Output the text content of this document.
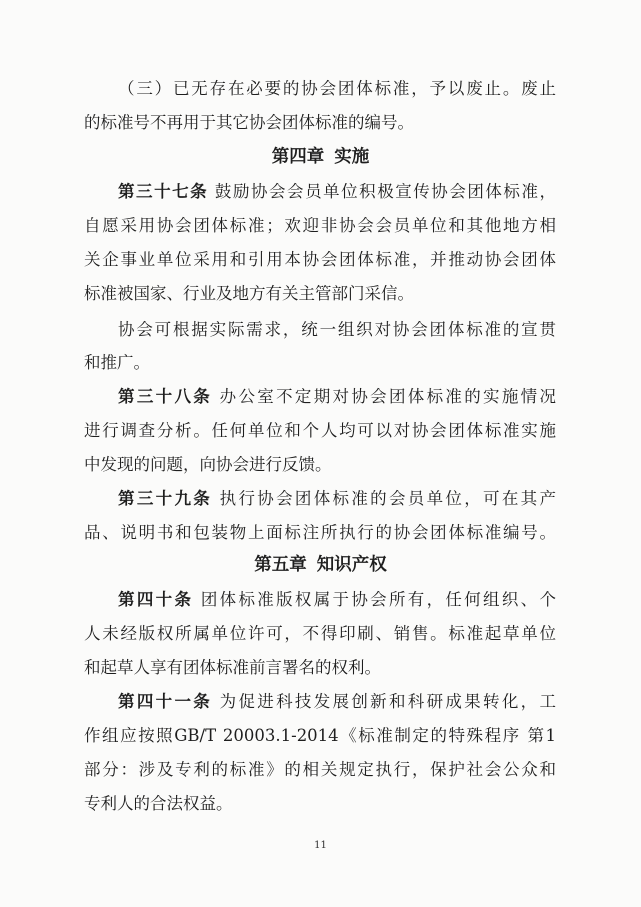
（三）已无存在必要的协会团体标准，予以废止。废止
的标准号不再用于其它协会团体标准的编号。
第四章 实施
第三十七条 鼓励协会会员单位积极宣传协会团体标准，
自愿采用协会团体标准；欢迎非协会会员单位和其他地方相
关企事业单位采用和引用本协会团体标准，并推动协会团体
标准被国家、行业及地方有关主管部门采信。
协会可根据实际需求，统一组织对协会团体标准的宣贯
和推广。
第三十八条 办公室不定期对协会团体标准的实施情况
进行调查分析。任何单位和个人均可以对协会团体标准实施
中发现的问题，向协会进行反馈。
第三十九条 执行协会团体标准的会员单位，可在其产
品、说明书和包装物上面标注所执行的协会团体标准编号。
第五章 知识产权
第四十条 团体标准版权属于协会所有，任何组织、个
人未经版权所属单位许可，不得印刷、销售。标准起草单位
和起草人享有团体标准前言署名的权利。
第四十一条 为促进科技发展创新和科研成果转化，工
作组应按照GB/T 20003.1-2014《标准制定的特殊程序 第1
部分：涉及专利的标准》的相关规定执行，保护社会公众和
专利人的合法权益。
11
